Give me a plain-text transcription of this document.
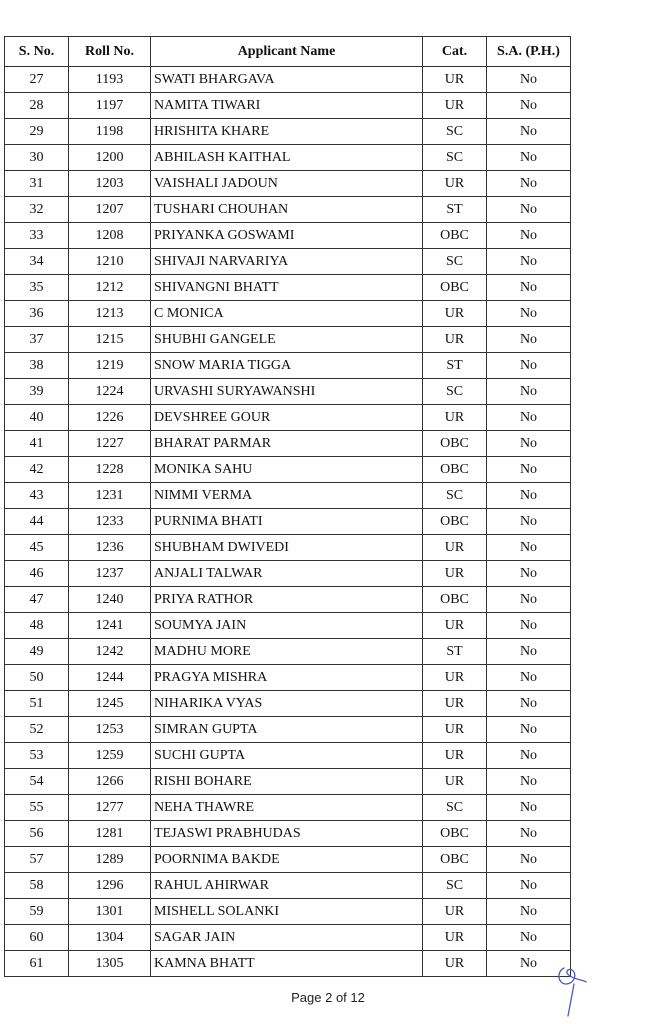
S. No.	Roll No.	Applicant Name	Cat.	S.A. (P.H.)
27	1193	SWATI BHARGAVA	UR	No
28	1197	NAMITA TIWARI	UR	No
29	1198	HRISHITA KHARE	SC	No
30	1200	ABHILASH KAITHAL	SC	No
31	1203	VAISHALI JADOUN	UR	No
32	1207	TUSHARI CHOUHAN	ST	No
33	1208	PRIYANKA GOSWAMI	OBC	No
34	1210	SHIVAJI NARVARIYA	SC	No
35	1212	SHIVANGNI BHATT	OBC	No
36	1213	C MONICA	UR	No
37	1215	SHUBHI GANGELE	UR	No
38	1219	SNOW MARIA TIGGA	ST	No
39	1224	URVASHI SURYAWANSHI	SC	No
40	1226	DEVSHREE GOUR	UR	No
41	1227	BHARAT PARMAR	OBC	No
42	1228	MONIKA SAHU	OBC	No
43	1231	NIMMI VERMA	SC	No
44	1233	PURNIMA BHATI	OBC	No
45	1236	SHUBHAM DWIVEDI	UR	No
46	1237	ANJALI TALWAR	UR	No
47	1240	PRIYA RATHOR	OBC	No
48	1241	SOUMYA JAIN	UR	No
49	1242	MADHU MORE	ST	No
50	1244	PRAGYA MISHRA	UR	No
51	1245	NIHARIKA VYAS	UR	No
52	1253	SIMRAN GUPTA	UR	No
53	1259	SUCHI GUPTA	UR	No
54	1266	RISHI BOHARE	UR	No
55	1277	NEHA THAWRE	SC	No
56	1281	TEJASWI PRABHUDAS	OBC	No
57	1289	POORNIMA BAKDE	OBC	No
58	1296	RAHUL AHIRWAR	SC	No
59	1301	MISHELL SOLANKI	UR	No
60	1304	SAGAR JAIN	UR	No
61	1305	KAMNA BHATT	UR	No
Page 2 of 12
